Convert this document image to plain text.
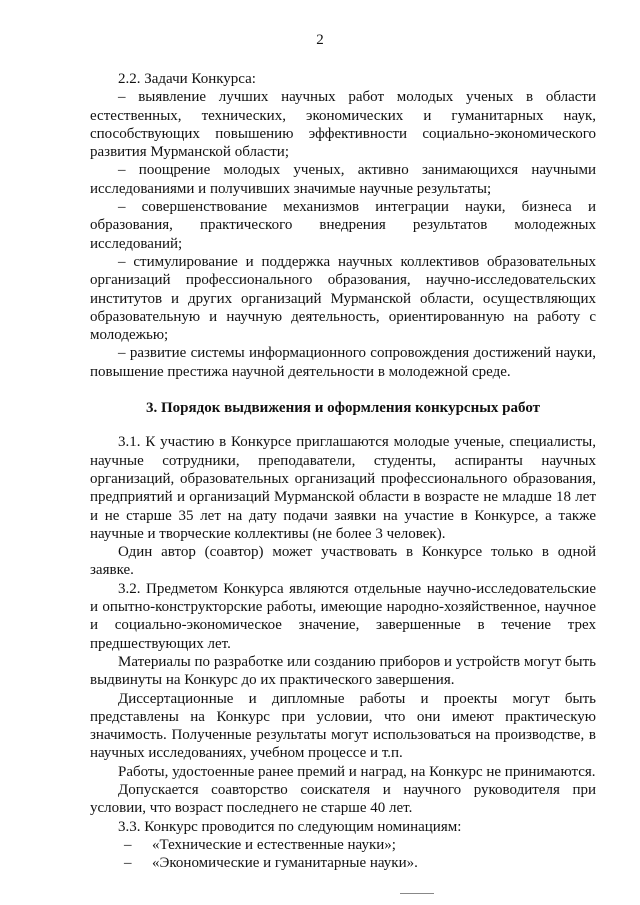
2

2.2. Задачи Конкурса:

– выявление лучших научных работ молодых ученых в области естественных, технических, экономических и гуманитарных наук, способствующих повышению эффективности социально-экономического развития Мурманской области;

– поощрение молодых ученых, активно занимающихся научными исследованиями и получивших значимые научные результаты;

– совершенствование механизмов интеграции науки, бизнеса и образования, практического внедрения результатов молодежных исследований;

– стимулирование и поддержка научных коллективов образовательных организаций профессионального образования, научно-исследовательских институтов и других организаций Мурманской области, осуществляющих образовательную и научную деятельность, ориентированную на работу с молодежью;

– развитие системы информационного сопровождения достижений науки, повышение престижа научной деятельности в молодежной среде.

3. Порядок выдвижения и оформления конкурсных работ

3.1. К участию в Конкурсе приглашаются молодые ученые, специалисты, научные сотрудники, преподаватели, студенты, аспиранты научных организаций, образовательных организаций профессионального образования, предприятий и организаций Мурманской области в возрасте не младше 18 лет и не старше 35 лет на дату подачи заявки на участие в Конкурсе, а также научные и творческие коллективы (не более 3 человек).

Один автор (соавтор) может участвовать в Конкурсе только в одной заявке.

3.2. Предметом Конкурса являются отдельные научно-исследовательские и опытно-конструкторские работы, имеющие народно-хозяйственное, научное и социально-экономическое значение, завершенные в течение трех предшествующих лет.

Материалы по разработке или созданию приборов и устройств могут быть выдвинуты на Конкурс до их практического завершения.

Диссертационные и дипломные работы и проекты могут быть представлены на Конкурс при условии, что они имеют практическую значимость. Полученные результаты могут использоваться на производстве, в научных исследованиях, учебном процессе и т.п.

Работы, удостоенные ранее премий и наград, на Конкурс не принимаются.

Допускается соавторство соискателя и научного руководителя при условии, что возраст последнего не старше 40 лет.

3.3. Конкурс проводится по следующим номинациям:

–	«Технические и естественные науки»;
–	«Экономические и гуманитарные науки».
